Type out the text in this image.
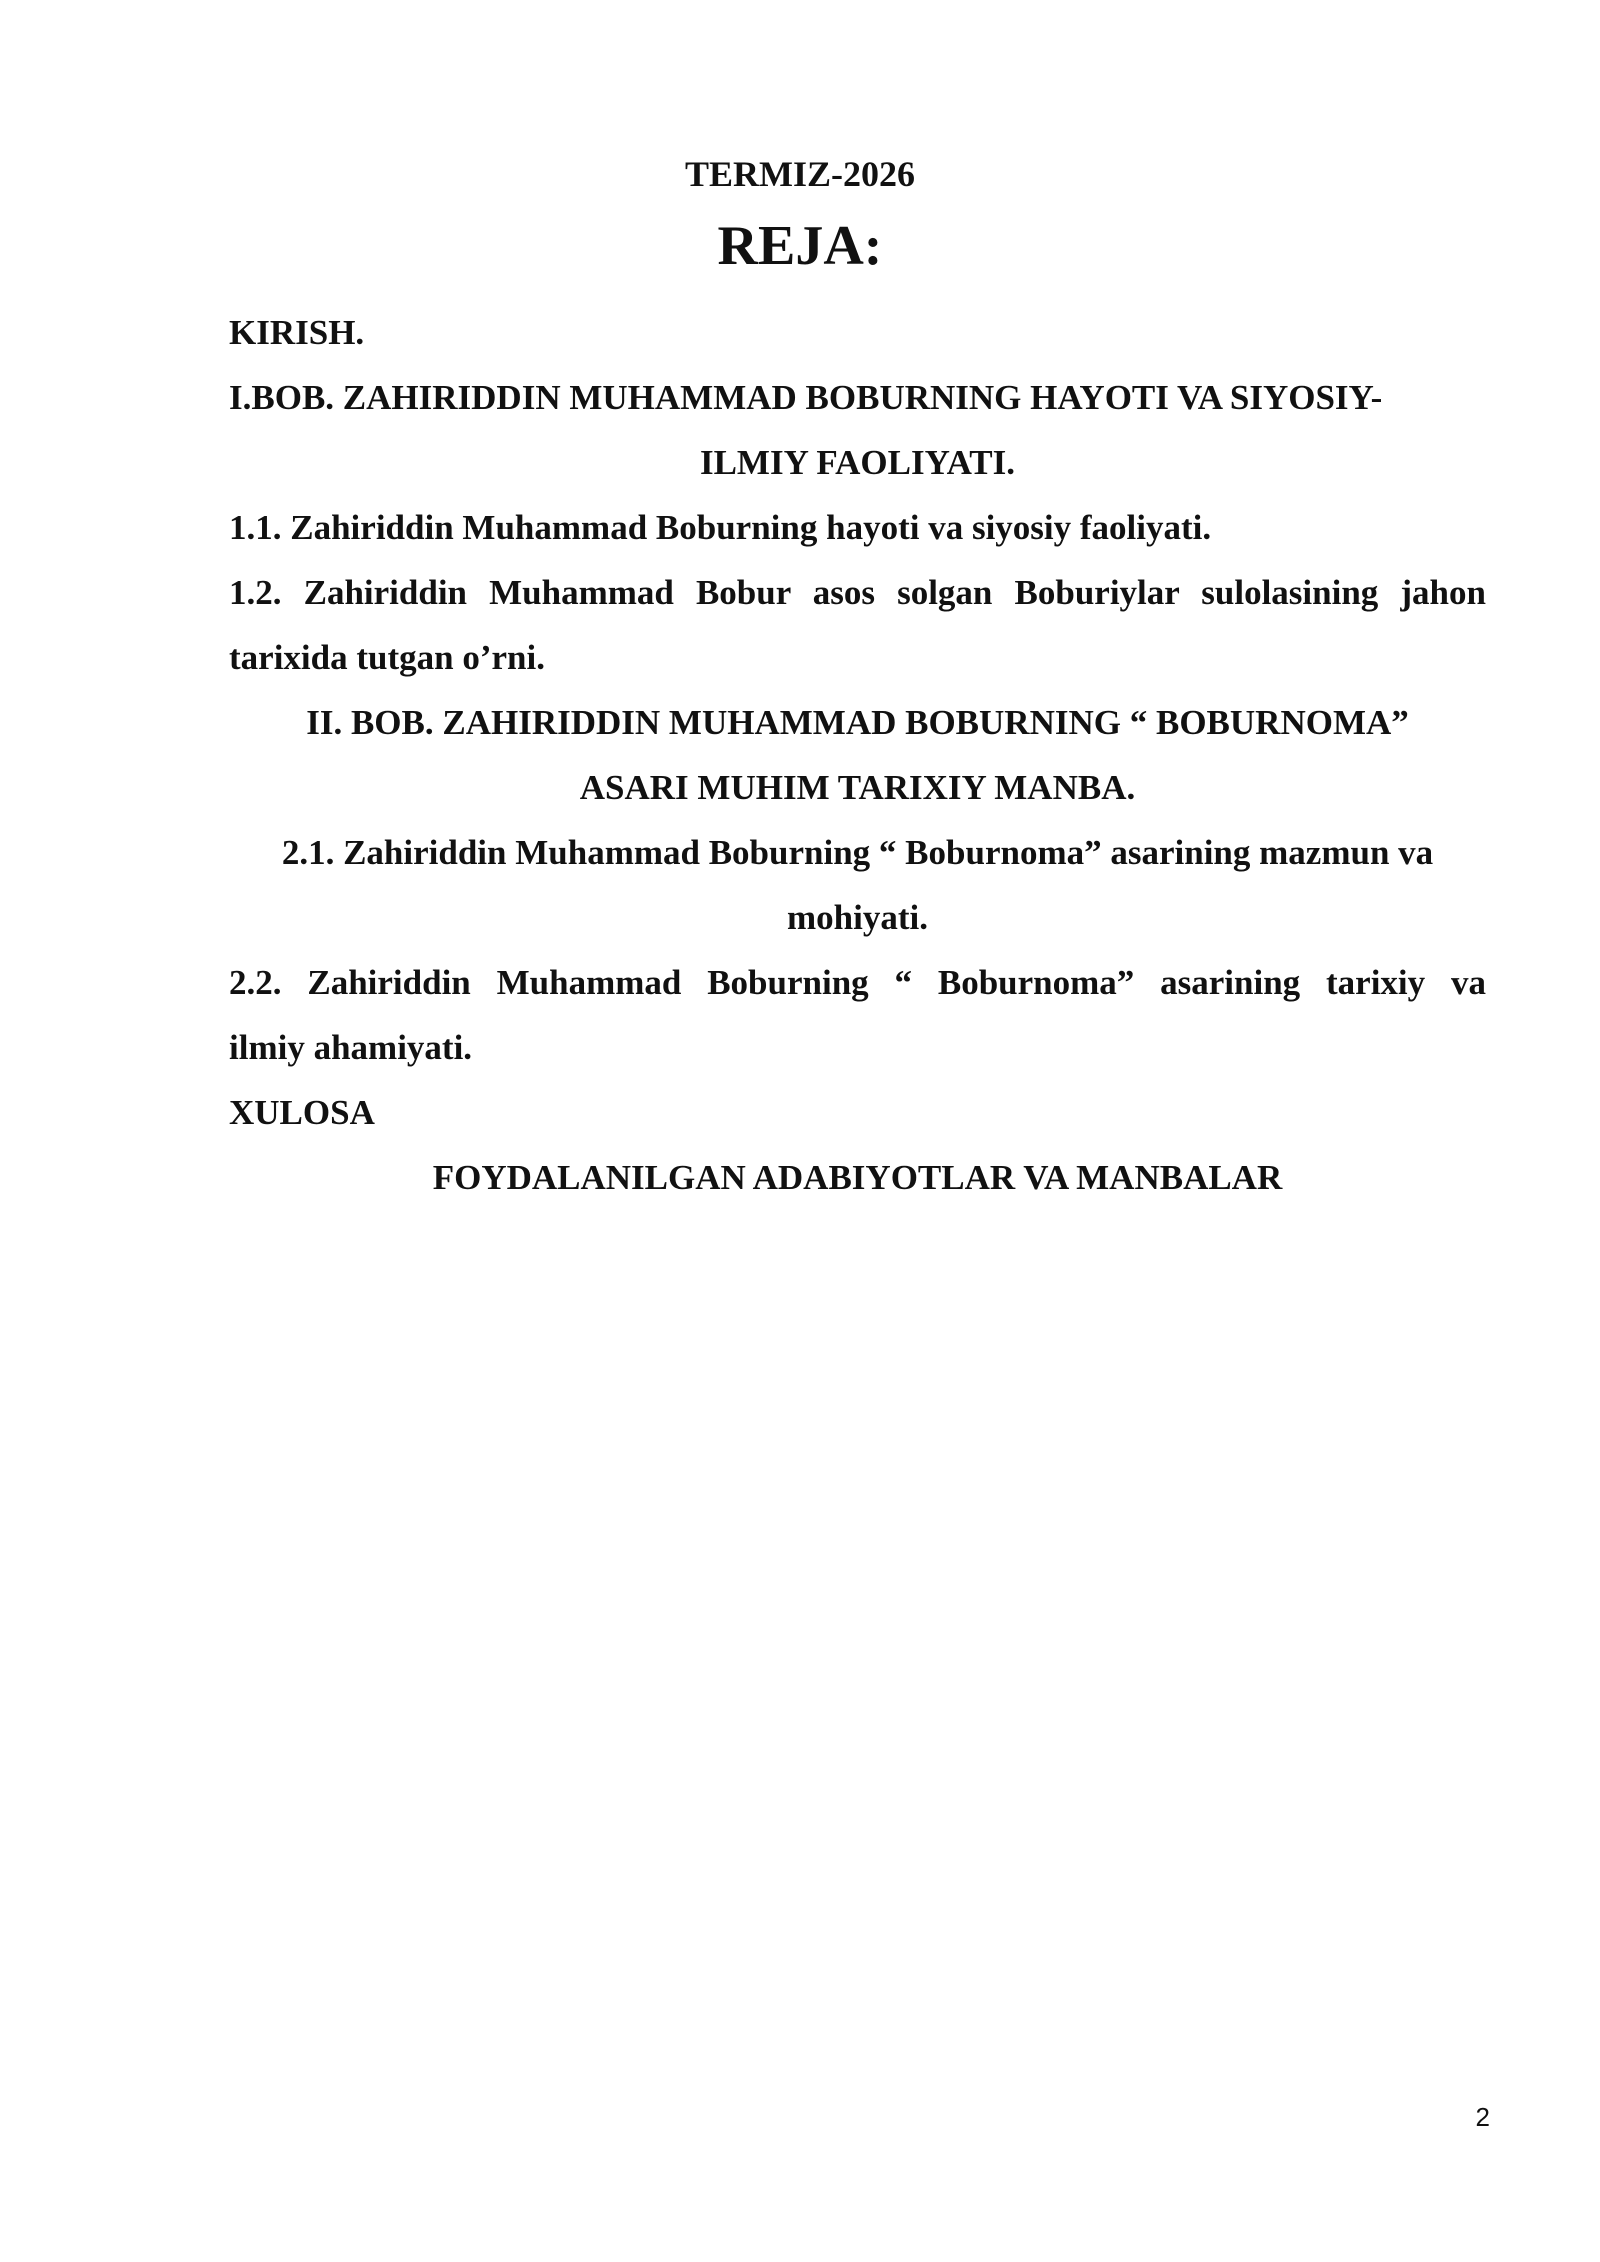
TERMIZ-2026

REJA:

KIRISH.

I.BOB. ZAHIRIDDIN MUHAMMAD BOBURNING HAYOTI VA SIYOSIY-

ILMIY FAOLIYATI.

1.1. Zahiriddin Muhammad Boburning hayoti va siyosiy faoliyati.

1.2. Zahiriddin Muhammad Bobur asos solgan Boburiylar sulolasining jahon

tarixida tutgan o’rni.

II. BOB. ZAHIRIDDIN MUHAMMAD BOBURNING “ BOBURNOMA”

ASARI MUHIM TARIXIY MANBA.

2.1. Zahiriddin Muhammad Boburning “ Boburnoma” asarining mazmun va

mohiyati.

2.2. Zahiriddin Muhammad Boburning “ Boburnoma” asarining tarixiy va

ilmiy ahamiyati.

XULOSA

FOYDALANILGAN ADABIYOTLAR VA MANBALAR

2
